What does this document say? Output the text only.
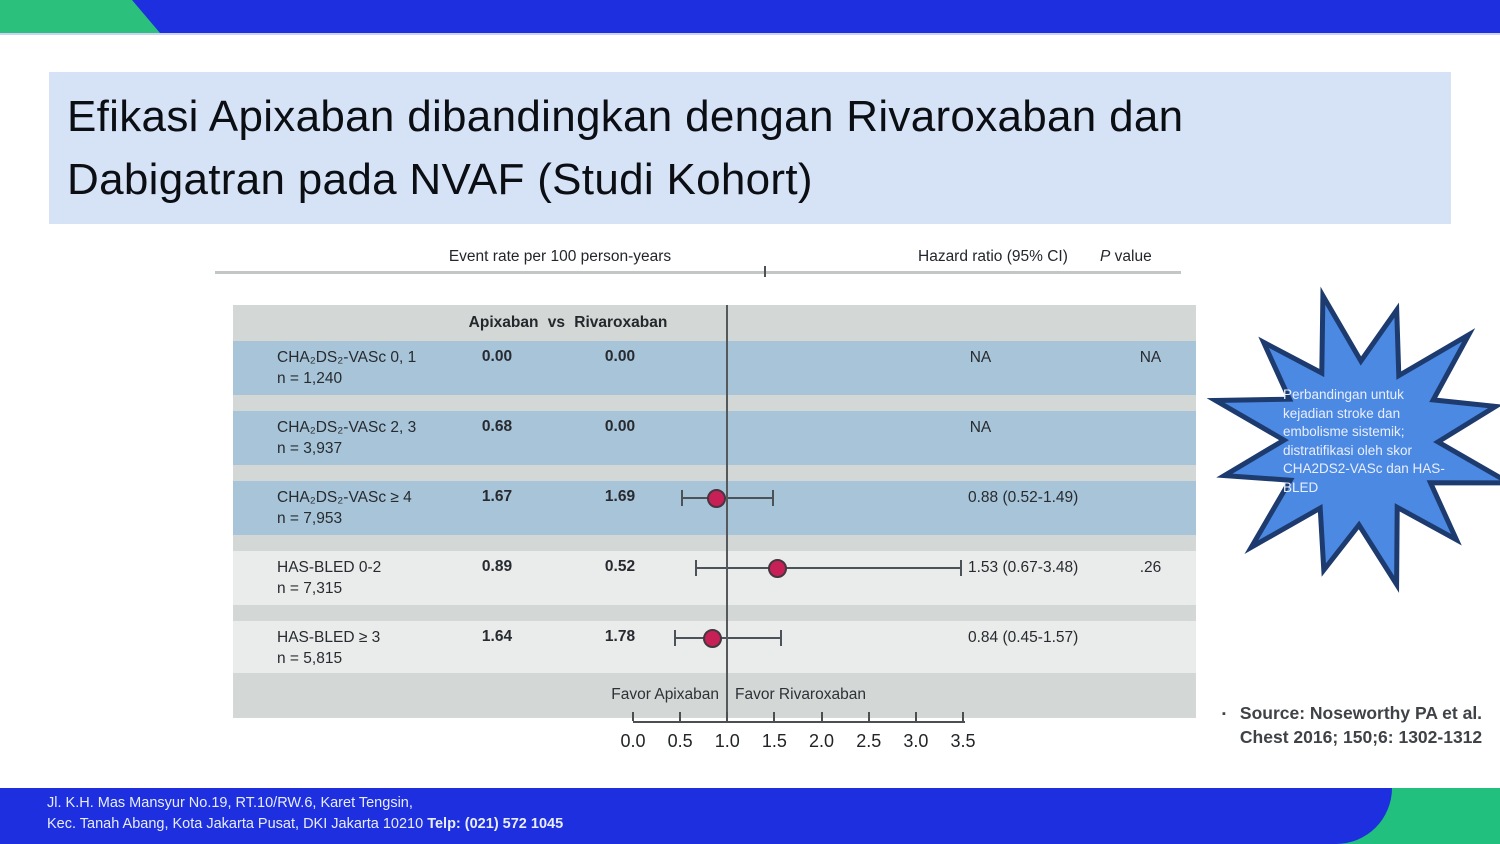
Efikasi Apixaban dibandingkan dengan Rivaroxaban dan
Dabigatran pada NVAF (Studi Kohort)
Event rate per 100 person-years	Hazard ratio (95% CI) P value
Apixaban vs Rivaroxaban
Favor Apixaban Favor Rivaroxaban
CHA₂DS₂-VASc 0, 1
n = 1,240
0.00	0.00	NA	NA
CHA₂DS₂-VASc 2, 3
n = 3,937
0.68	0.00	NA
CHA₂DS₂-VASc ≥ 4
n = 7,953
1.67	1.69	0.88 (0.52-1.49)
HAS-BLED 0-2
n = 7,315
0.89	0.52	1.53 (0.67-3.48)	.26
HAS-BLED ≥ 3
n = 5,815
1.64	1.78	0.84 (0.45-1.57)
0.0	0.5	1.0	1.5	2.0	2.5	3.0	3.5
Perbandingan untuk kejadian stroke dan embolisme sistemik; distratifikasi oleh skor CHA2DS2-VASc dan HAS-BLED
▪ Source: Noseworthy PA et al. Chest 2016; 150;6: 1302-1312
Jl. K.H. Mas Mansyur No.19, RT.10/RW.6, Karet Tengsin,
Kec. Tanah Abang, Kota Jakarta Pusat, DKI Jakarta 10210 Telp: (021) 572 1045
